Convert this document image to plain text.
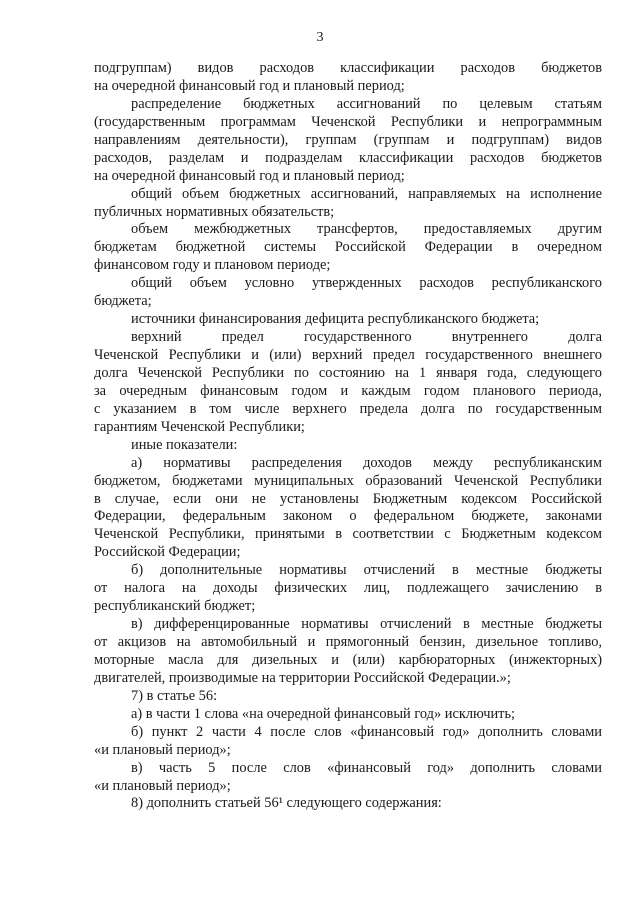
3
подгруппам) видов расходов классификации расходов бюджетов
на очередной финансовый год и плановый период;
распределение бюджетных ассигнований по целевым статьям
(государственным программам Чеченской Республики и непрограммным
направлениям деятельности), группам (группам и подгруппам) видов
расходов, разделам и подразделам классификации расходов бюджетов
на очередной финансовый год и плановый период;
общий объем бюджетных ассигнований, направляемых на исполнение
публичных нормативных обязательств;
объем межбюджетных трансфертов, предоставляемых другим
бюджетам бюджетной системы Российской Федерации в очередном
финансовом году и плановом периоде;
общий объем условно утвержденных расходов республиканского
бюджета;
источники финансирования дефицита республиканского бюджета;
верхний предел государственного внутреннего долга
Чеченской Республики и (или) верхний предел государственного внешнего
долга Чеченской Республики по состоянию на 1 января года, следующего
за очередным финансовым годом и каждым годом планового периода,
с указанием в том числе верхнего предела долга по государственным
гарантиям Чеченской Республики;
иные показатели:
а) нормативы распределения доходов между республиканским
бюджетом, бюджетами муниципальных образований Чеченской Республики
в случае, если они не установлены Бюджетным кодексом Российской
Федерации, федеральным законом о федеральном бюджете, законами
Чеченской Республики, принятыми в соответствии с Бюджетным кодексом
Российской Федерации;
б) дополнительные нормативы отчислений в местные бюджеты
от налога на доходы физических лиц, подлежащего зачислению в
республиканский бюджет;
в) дифференцированные нормативы отчислений в местные бюджеты
от акцизов на автомобильный и прямогонный бензин, дизельное топливо,
моторные масла для дизельных и (или) карбюраторных (инжекторных)
двигателей, производимые на территории Российской Федерации.»;
7) в статье 56:
а) в части 1 слова «на очередной финансовый год» исключить;
б) пункт 2 части 4 после слов «финансовый год» дополнить словами
«и плановый период»;
в) часть 5 после слов «финансовый год» дополнить словами
«и плановый период»;
8) дополнить статьей 56¹ следующего содержания:
